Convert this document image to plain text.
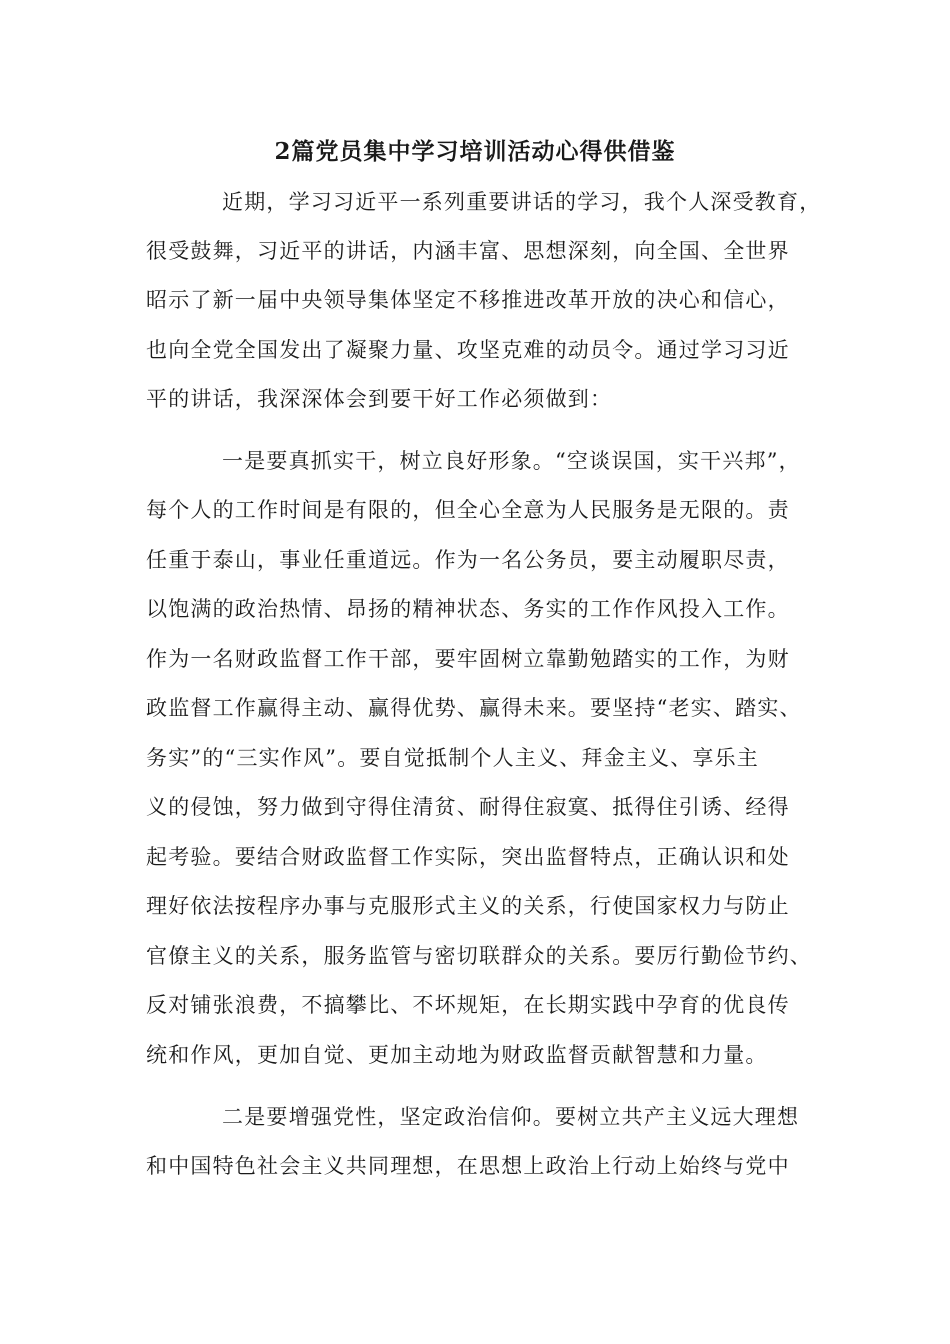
2篇党员集中学习培训活动心得供借鉴
近期，学习习近平一系列重要讲话的学习，我个人深受教育，
很受鼓舞，习近平的讲话，内涵丰富、思想深刻，向全国、全世界
昭示了新一届中央领导集体坚定不移推进改革开放的决心和信心，
也向全党全国发出了凝聚力量、攻坚克难的动员令。通过学习习近
平的讲话，我深深体会到要干好工作必须做到：
一是要真抓实干，树立良好形象。“空谈误国，实干兴邦”，
每个人的工作时间是有限的，但全心全意为人民服务是无限的。责
任重于泰山，事业任重道远。作为一名公务员，要主动履职尽责，
以饱满的政治热情、昂扬的精神状态、务实的工作作风投入工作。
作为一名财政监督工作干部，要牢固树立靠勤勉踏实的工作，为财
政监督工作赢得主动、赢得优势、赢得未来。要坚持“老实、踏实、
务实”的“三实作风”。要自觉抵制个人主义、拜金主义、享乐主
义的侵蚀，努力做到守得住清贫、耐得住寂寞、抵得住引诱、经得
起考验。要结合财政监督工作实际，突出监督特点，正确认识和处
理好依法按程序办事与克服形式主义的关系，行使国家权力与防止
官僚主义的关系，服务监管与密切联群众的关系。要厉行勤俭节约、
反对铺张浪费，不搞攀比、不坏规矩，在长期实践中孕育的优良传
统和作风，更加自觉、更加主动地为财政监督贡献智慧和力量。
二是要增强党性，坚定政治信仰。要树立共产主义远大理想
和中国特色社会主义共同理想，在思想上政治上行动上始终与党中
